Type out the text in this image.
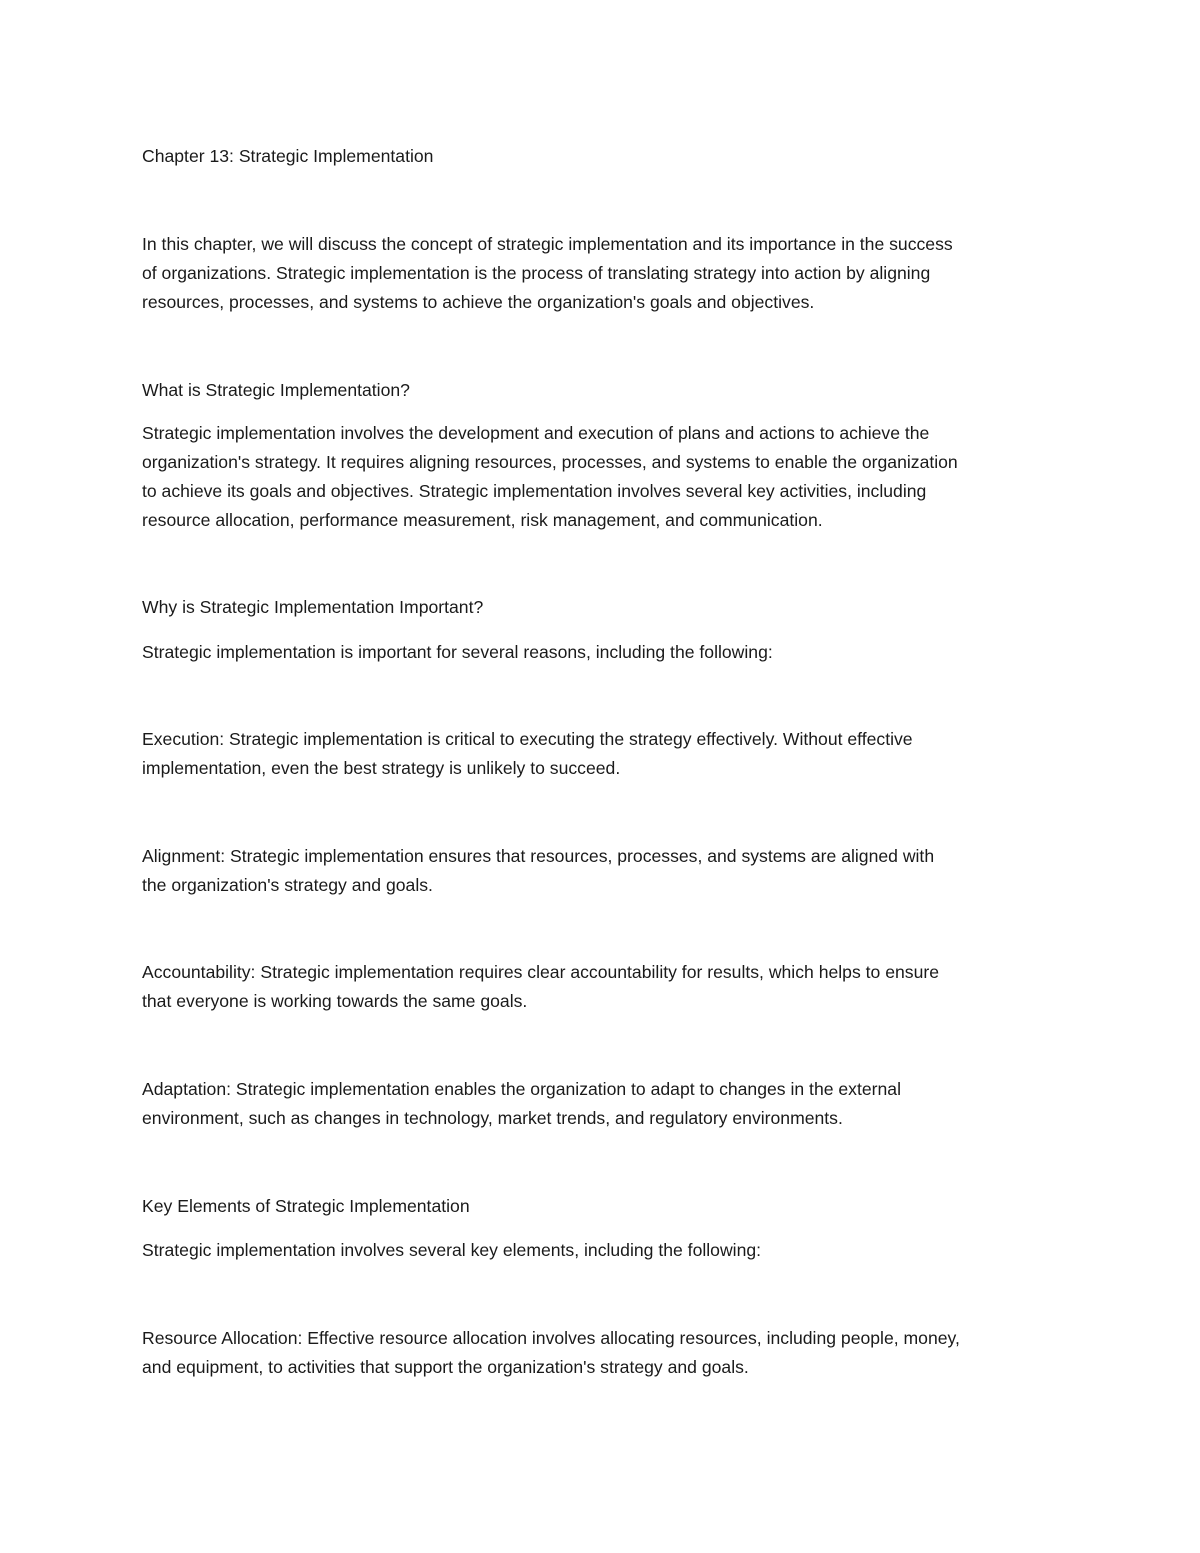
Chapter 13: Strategic Implementation

In this chapter, we will discuss the concept of strategic implementation and its importance in the success

of organizations. Strategic implementation is the process of translating strategy into action by aligning

resources, processes, and systems to achieve the organization's goals and objectives.

What is Strategic Implementation?

Strategic implementation involves the development and execution of plans and actions to achieve the

organization's strategy. It requires aligning resources, processes, and systems to enable the organization

to achieve its goals and objectives. Strategic implementation involves several key activities, including

resource allocation, performance measurement, risk management, and communication.

Why is Strategic Implementation Important?

Strategic implementation is important for several reasons, including the following:

Execution: Strategic implementation is critical to executing the strategy effectively. Without effective

implementation, even the best strategy is unlikely to succeed.

Alignment: Strategic implementation ensures that resources, processes, and systems are aligned with

the organization's strategy and goals.

Accountability: Strategic implementation requires clear accountability for results, which helps to ensure

that everyone is working towards the same goals.

Adaptation: Strategic implementation enables the organization to adapt to changes in the external

environment, such as changes in technology, market trends, and regulatory environments.

Key Elements of Strategic Implementation

Strategic implementation involves several key elements, including the following:

Resource Allocation: Effective resource allocation involves allocating resources, including people, money,

and equipment, to activities that support the organization's strategy and goals.
